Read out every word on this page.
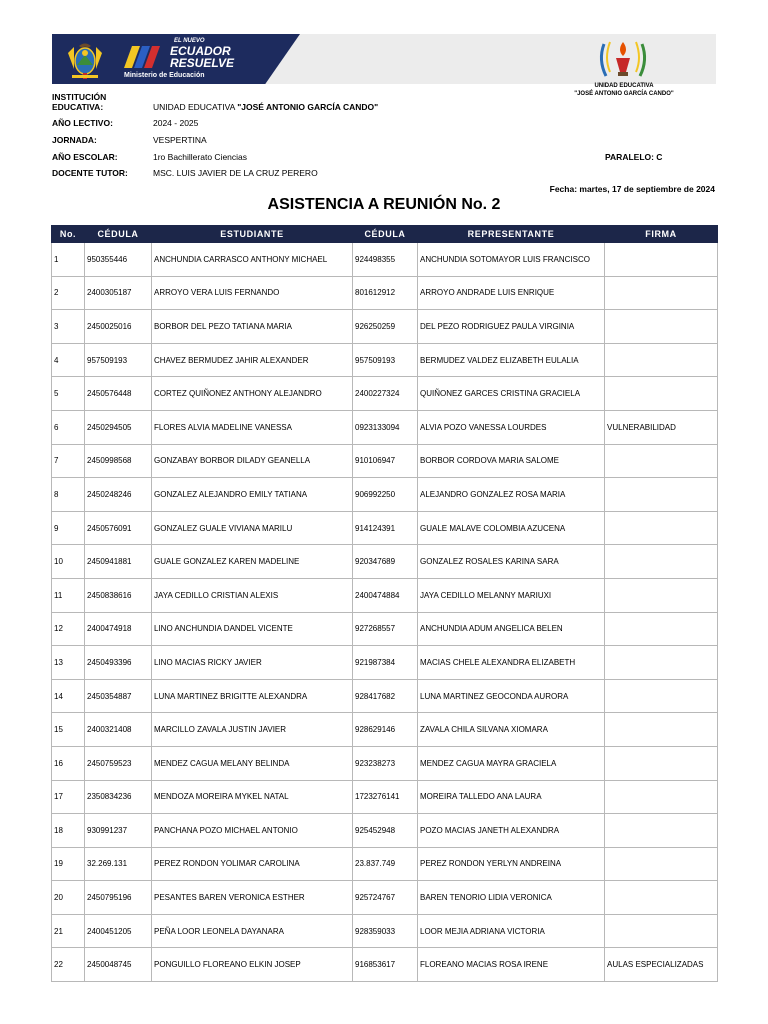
EL NUEVO
ECUADOR
RESUELVE
Ministerio de Educación
UNIDAD EDUCATIVA
"JOSÉ ANTONIO GARCÍA CANDO"
INSTITUCIÓN
EDUCATIVA:	UNIDAD EDUCATIVA "JOSÉ ANTONIO GARCÍA CANDO"
AÑO LECTIVO:	2024 - 2025
JORNADA:	VESPERTINA
AÑO ESCOLAR:	1ro Bachillerato Ciencias	PARALELO: C
DOCENTE TUTOR:	MSC. LUIS JAVIER DE LA CRUZ PERERO
Fecha: martes, 17 de septiembre de 2024
ASISTENCIA A REUNIÓN No. 2
No.	CÉDULA	ESTUDIANTE	CÉDULA	REPRESENTANTE	FIRMA
1	950355446	ANCHUNDIA CARRASCO ANTHONY MICHAEL	924498355	ANCHUNDIA SOTOMAYOR LUIS FRANCISCO	
2	2400305187	ARROYO VERA LUIS FERNANDO	801612912	ARROYO ANDRADE LUIS ENRIQUE	
3	2450025016	BORBOR DEL PEZO TATIANA MARIA	926250259	DEL PEZO RODRIGUEZ PAULA VIRGINIA	
4	957509193	CHAVEZ BERMUDEZ JAHIR ALEXANDER	957509193	BERMUDEZ VALDEZ ELIZABETH EULALIA	
5	2450576448	CORTEZ QUIÑONEZ ANTHONY ALEJANDRO	2400227324	QUIÑONEZ GARCES CRISTINA GRACIELA	
6	2450294505	FLORES ALVIA MADELINE VANESSA	0923133094	ALVIA POZO VANESSA LOURDES	VULNERABILIDAD
7	2450998568	GONZABAY BORBOR DILADY GEANELLA	910106947	BORBOR CORDOVA MARIA SALOME	
8	2450248246	GONZALEZ ALEJANDRO EMILY TATIANA	906992250	ALEJANDRO GONZALEZ ROSA MARIA	
9	2450576091	GONZALEZ GUALE VIVIANA MARILU	914124391	GUALE MALAVE COLOMBIA AZUCENA	
10	2450941881	GUALE GONZALEZ KAREN MADELINE	920347689	GONZALEZ ROSALES KARINA SARA	
11	2450838616	JAYA CEDILLO CRISTIAN ALEXIS	2400474884	JAYA CEDILLO MELANNY MARIUXI	
12	2400474918	LINO ANCHUNDIA DANDEL VICENTE	927268557	ANCHUNDIA ADUM ANGELICA BELEN	
13	2450493396	LINO MACIAS RICKY JAVIER	921987384	MACIAS CHELE ALEXANDRA ELIZABETH	
14	2450354887	LUNA MARTINEZ BRIGITTE ALEXANDRA	928417682	LUNA MARTINEZ GEOCONDA AURORA	
15	2400321408	MARCILLO ZAVALA JUSTIN JAVIER	928629146	ZAVALA CHILA SILVANA XIOMARA	
16	2450759523	MENDEZ CAGUA MELANY BELINDA	923238273	MENDEZ CAGUA MAYRA GRACIELA	
17	2350834236	MENDOZA MOREIRA MYKEL NATAL	1723276141	MOREIRA TALLEDO ANA LAURA	
18	930991237	PANCHANA POZO MICHAEL ANTONIO	925452948	POZO MACIAS JANETH ALEXANDRA	
19	32.269.131	PEREZ RONDON YOLIMAR CAROLINA	23.837.749	PEREZ RONDON YERLYN ANDREINA	
20	2450795196	PESANTES BAREN VERONICA ESTHER	925724767	BAREN TENORIO LIDIA VERONICA	
21	2400451205	PEÑA LOOR LEONELA DAYANARA	928359033	LOOR MEJIA ADRIANA VICTORIA	
22	2450048745	PONGUILLO FLOREANO ELKIN JOSEP	916853617	FLOREANO MACIAS ROSA IRENE	AULAS ESPECIALIZADAS
